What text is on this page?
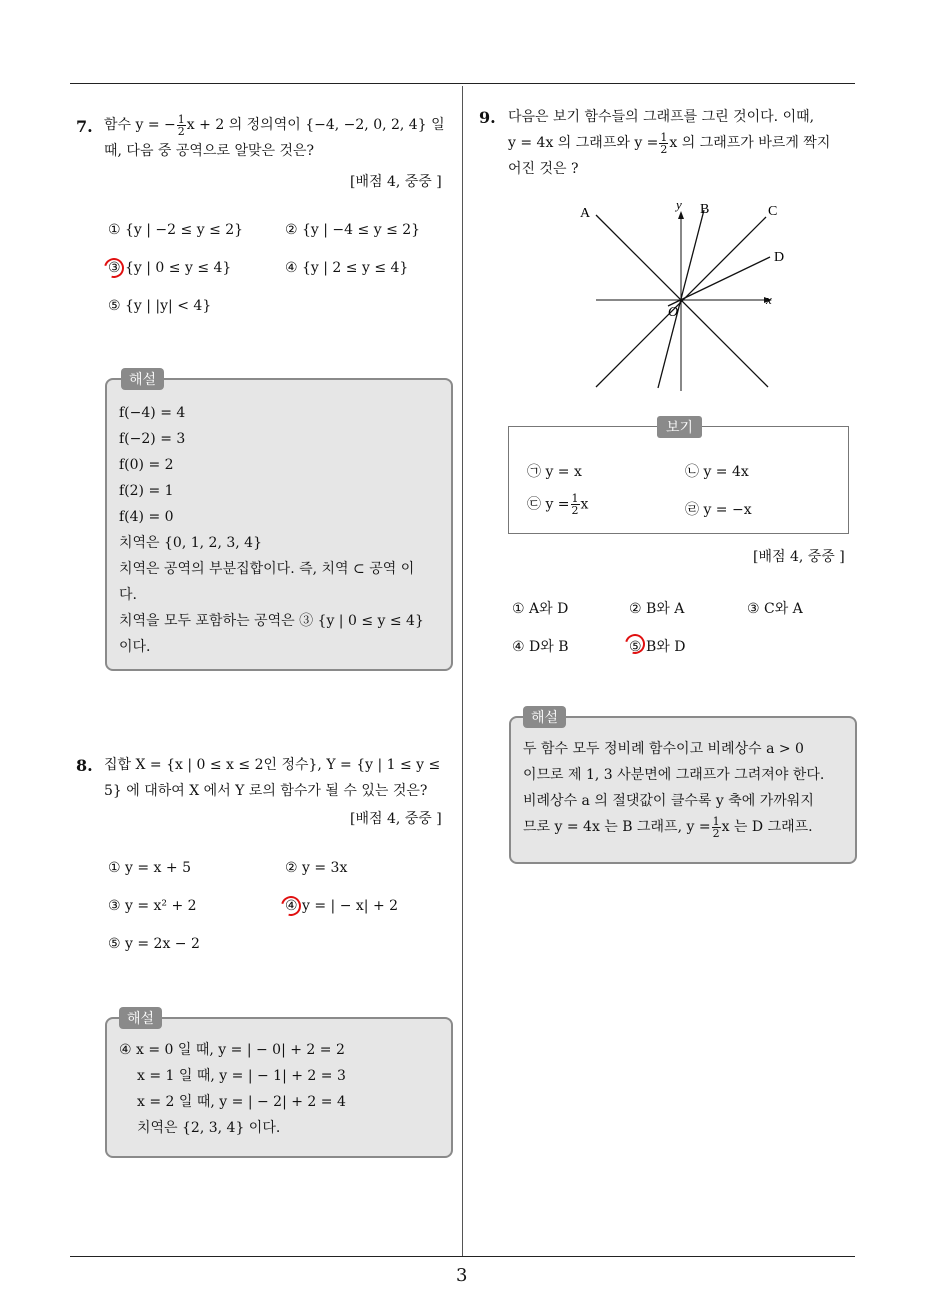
3
7. 함수 y = − $\frac{1}{2}$ x + 2 의 정의역이 {−4, −2, 0, 2, 4} 일
때, 다음 중 공역으로 알맞은 것은?
[배점 4, 중중 ]
① {y | −2 ≤ y ≤ 2}	② {y | −4 ≤ y ≤ 2}
③ {y | 0 ≤ y ≤ 4}	④ {y | 2 ≤ y ≤ 4}
⑤ {y | |y| < 4}
해설
f(−4) = 4
f(−2) = 3
f(0) = 2
f(2) = 1
f(4) = 0
치역은 {0, 1, 2, 3, 4}
치역은 공역의 부분집합이다. 즉, 치역 ⊂ 공역 이
다.
치역을 모두 포함하는 공역은 ③ {y | 0 ≤ y ≤ 4}
이다.
8. 집합 X = {x | 0 ≤ x ≤ 2인 정수}, Y = {y | 1 ≤ y ≤
5} 에 대하여 X 에서 Y 로의 함수가 될 수 있는 것은?
[배점 4, 중중 ]
① y = x + 5	② y = 3x
③ y = x² + 2	④ y = | − x| + 2
⑤ y = 2x − 2
해설
④ x = 0 일 때, y = | − 0| + 2 = 2
x = 1 일 때, y = | − 1| + 2 = 3
x = 2 일 때, y = | − 2| + 2 = 4
치역은 {2, 3, 4} 이다.
9. 다음은 보기 함수들의 그래프를 그린 것이다. 이때,
y = 4x 의 그래프와 $y = \frac{1}{2}$ x 의 그래프가 바르게 짝지
어진 것은 ?
A	B	C
D
y
x
O
보기
㉠ y = x	㉡ y = 4x
㉢ $y = \frac{1}{2}$ x	㉣ y = −x
[배점 4, 중중 ]
① A와 D	② B와 A	③ C와 A
④ D와 B	⑤ B와 D
해설
두 함수 모두 정비례 함수이고 비례상수 a > 0
이므로 제 1, 3 사분면에 그래프가 그려져야 한다.
비례상수 a 의 절댓값이 클수록 y 축에 가까워지
므로 y = 4x 는 B 그래프, $y = \frac{1}{2}$ x 는 D 그래프.
